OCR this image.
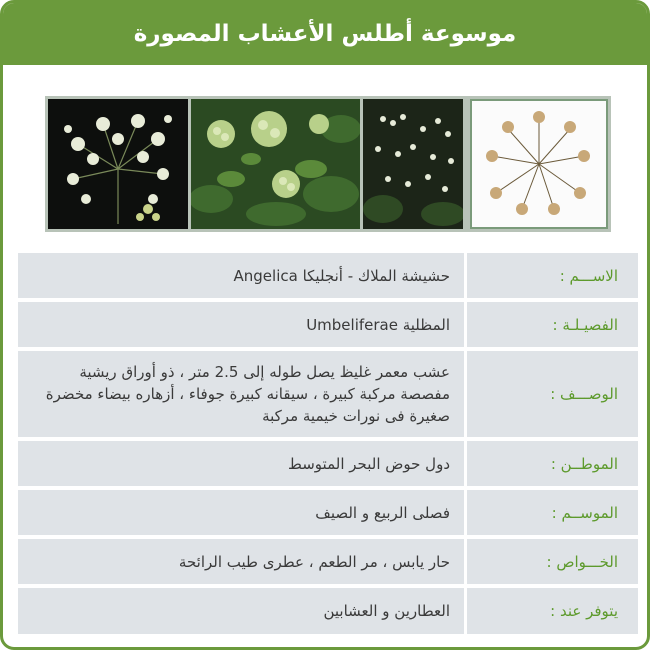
موسوعة أطلس الأعشاب المصورة
الاســـم :
حشيشة الملاك - أنجليكا Angelica
الفصيـلـة :
المظلية Umbeliferae
الوصـــف :
عشب معمر غليظ يصل طوله إلى 2.5 متر ، ذو أوراق ريشية مفصصة مركبة كبيرة ، سيقانه كبيرة جوفاء ، أزهاره بيضاء مخضرة صغيرة فى نورات خيمية مركبة
الموطــن :
دول حوض البحر المتوسط
الموســم :
فصلى الربيع و الصيف
الخـــواص :
حار يابس ، مر الطعم ، عطرى طيب الرائحة
يتوفر عند :
العطارين و العشابين
